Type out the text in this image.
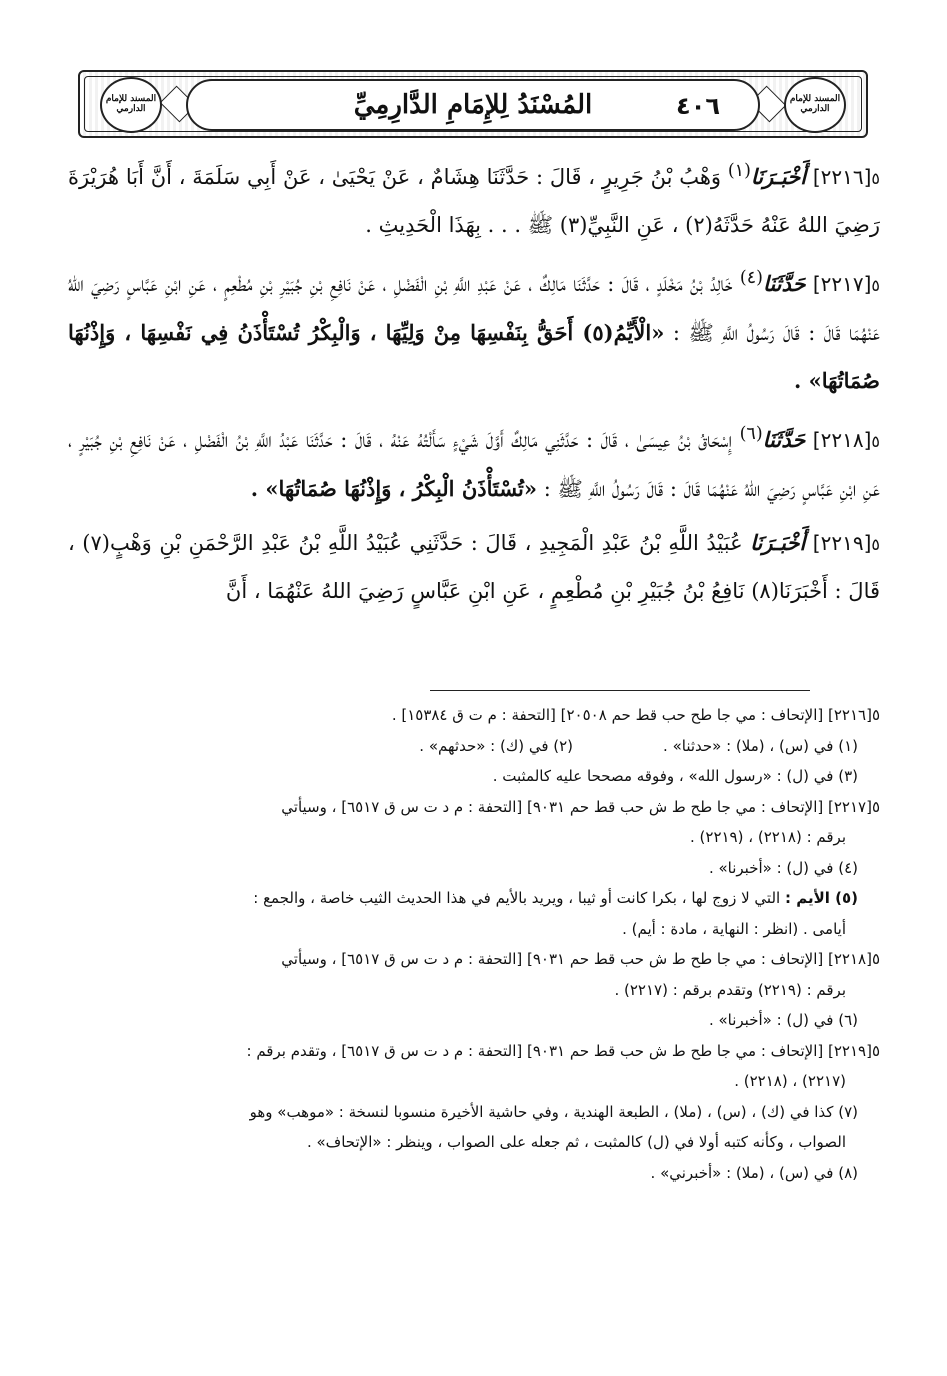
المسند للإمام الدارمي
المسند للإمام الدارمي
المُسْنَدُ لِلإِمَامِ الدَّارِمِيِّ	٤٠٦

٥[٢٢١٦] أَخْبَـرَنَا$^{(١)}$ وَهْبُ بْنُ جَرِيرٍ ، قَالَ : حَدَّثَنَا هِشَامٌ ، عَنْ يَحْيَىٰ ، عَنْ أَبِي سَلَمَةَ ، أَنَّ أَبَا هُرَيْرَةَ رَضِيَ اللهُ عَنْهُ حَدَّثَهُ(٢) ، عَنِ النَّبِيِّ(٣) ﷺ . . . بِهَذَا الْحَدِيثِ .

٥[٢٢١٧] حَدَّثَنَا$^{(٤)}$ خَالِدُ بْنُ مَخْلَدٍ ، قَالَ : حَدَّثَنَا مَالِكٌ ، عَنْ عَبْدِ اللَّهِ بْنِ الْفَضْلِ ، عَنْ نَافِعِ بْنِ جُبَيْرِ بْنِ مُطْعِمٍ ، عَنِ ابْنِ عَبَّاسٍ رَضِيَ اللهُ عَنْهُمَا قَالَ : قَالَ رَسُولُ اللَّهِ ﷺ : «الْأَيِّمُ(٥) أَحَقُّ بِنَفْسِهَا مِنْ وَلِيِّهَا ، وَالْبِكْرُ تُسْتَأْذَنُ فِي نَفْسِهَا ، وَإِذْنُهَا صُمَاتُهَا» .

٥[٢٢١٨] حَدَّثَنَا$^{(٦)}$ إِسْحَاقُ بْنُ عِيسَىٰ ، قَالَ : حَدَّثَنِي مَالِكٌ أَوَّلَ شَيْءٍ سَأَلْتُهُ عَنْهُ ، قَالَ : حَدَّثَنَا عَبْدُ اللَّهِ بْنُ الْفَضْلِ ، عَنْ نَافِعِ بْنِ جُبَيْرٍ ، عَنِ ابْنِ عَبَّاسٍ رَضِيَ اللهُ عَنْهُمَا قَالَ : قَالَ رَسُولُ اللَّهِ ﷺ : «تُسْتَأْذَنُ الْبِكْرُ ، وَإِذْنُهَا صُمَاتُهَا» .

٥[٢٢١٩] أَخْبَـرَنَا عُبَيْدُ اللَّهِ بْنُ عَبْدِ الْمَجِيدِ ، قَالَ : حَدَّثَنِي عُبَيْدُ اللَّهِ بْنُ عَبْدِ الرَّحْمَنِ بْنِ وَهْبٍ(٧) ، قَالَ : أَخْبَرَنَا(٨) نَافِعُ بْنُ جُبَيْرِ بْنِ مُطْعِمٍ ، عَنِ ابْنِ عَبَّاسٍ رَضِيَ اللهُ عَنْهُمَا ، أَنَّ

٥[٢٢١٦] [الإتحاف : مي جا طح حب قط حم ٢٠٥٠٨] [التحفة : م ت ق ١٥٣٨٤] .

(١) في (س) ، (ملا) : «حدثنا» .
(٢) في (ك) : «حدثهم» .

(٣) في (ل) : «رسول الله» ، وفوقه مصححا عليه كالمثبت .

٥[٢٢١٧] [الإتحاف : مي جا طح ط ش حب قط حم ٩٠٣١] [التحفة : م د ت س ق ٦٥١٧] ، وسيأتي

برقم : (٢٢١٨) ، (٢٢١٩) .

(٤) في (ل) : «أخبرنا» .

(٥) الأيم : التي لا زوج لها ، بكرا كانت أو ثيبا ، ويريد بالأيم في هذا الحديث الثيب خاصة ، والجمع :

أيامى . (انظر : النهاية ، مادة : أيم) .

٥[٢٢١٨] [الإتحاف : مي جا طح ط ش حب قط حم ٩٠٣١] [التحفة : م د ت س ق ٦٥١٧] ، وسيأتي

برقم : (٢٢١٩) وتقدم برقم : (٢٢١٧) .

(٦) في (ل) : «أخبرنا» .

٥[٢٢١٩] [الإتحاف : مي جا طح ط ش حب قط حم ٩٠٣١] [التحفة : م د ت س ق ٦٥١٧] ، وتقدم برقم :

(٢٢١٧) ، (٢٢١٨) .

(٧) كذا في (ك) ، (س) ، (ملا) ، الطبعة الهندية ، وفي حاشية الأخيرة منسوبا لنسخة : «موهب» وهو

الصواب ، وكأنه كتبه أولا في (ل) كالمثبت ، ثم جعله على الصواب ، وينظر : «الإتحاف» .

(٨) في (س) ، (ملا) : «أخبرني» .
